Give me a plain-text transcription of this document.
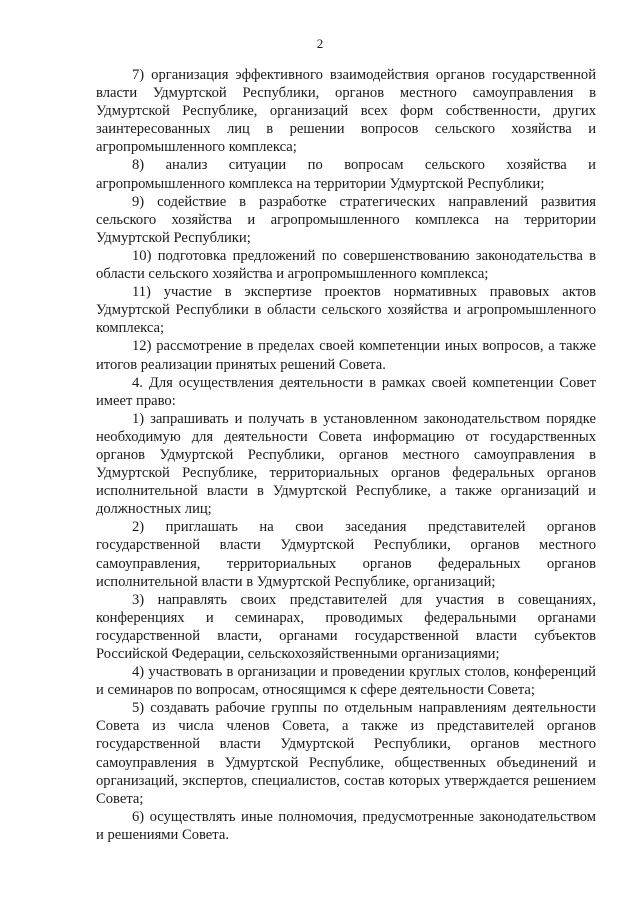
2

7) организация эффективного взаимодействия органов государственной власти Удмуртской Республики, органов местного самоуправления в Удмуртской Республике, организаций всех форм собственности, других заинтересованных лиц в решении вопросов сельского хозяйства и агропромышленного комплекса;

8) анализ ситуации по вопросам сельского хозяйства и агропромышленного комплекса на территории Удмуртской Республики;

9) содействие в разработке стратегических направлений развития сельского хозяйства и агропромышленного комплекса на территории Удмуртской Республики;

10) подготовка предложений по совершенствованию законодательства в области сельского хозяйства и агропромышленного комплекса;

11) участие в экспертизе проектов нормативных правовых актов Удмуртской Республики в области сельского хозяйства и агропромышленного комплекса;

12) рассмотрение в пределах своей компетенции иных вопросов, а также итогов реализации принятых решений Совета.

4. Для осуществления деятельности в рамках своей компетенции Совет имеет право:

1) запрашивать и получать в установленном законодательством порядке необходимую для деятельности Совета информацию от государственных органов Удмуртской Республики, органов местного самоуправления в Удмуртской Республике, территориальных органов федеральных органов исполнительной власти в Удмуртской Республике, а также организаций и должностных лиц;

2) приглашать на свои заседания представителей органов государственной власти Удмуртской Республики, органов местного самоуправления, территориальных органов федеральных органов исполнительной власти в Удмуртской Республике, организаций;

3) направлять своих представителей для участия в совещаниях, конференциях и семинарах, проводимых федеральными органами государственной власти, органами государственной власти субъектов Российской Федерации, сельскохозяйственными организациями;

4) участвовать в организации и проведении круглых столов, конференций и семинаров по вопросам, относящимся к сфере деятельности Совета;

5) создавать рабочие группы по отдельным направлениям деятельности Совета из числа членов Совета, а также из представителей органов государственной власти Удмуртской Республики, органов местного самоуправления в Удмуртской Республике, общественных объединений и организаций, экспертов, специалистов, состав которых утверждается решением Совета;

6) осуществлять иные полномочия, предусмотренные законодательством и решениями Совета.
